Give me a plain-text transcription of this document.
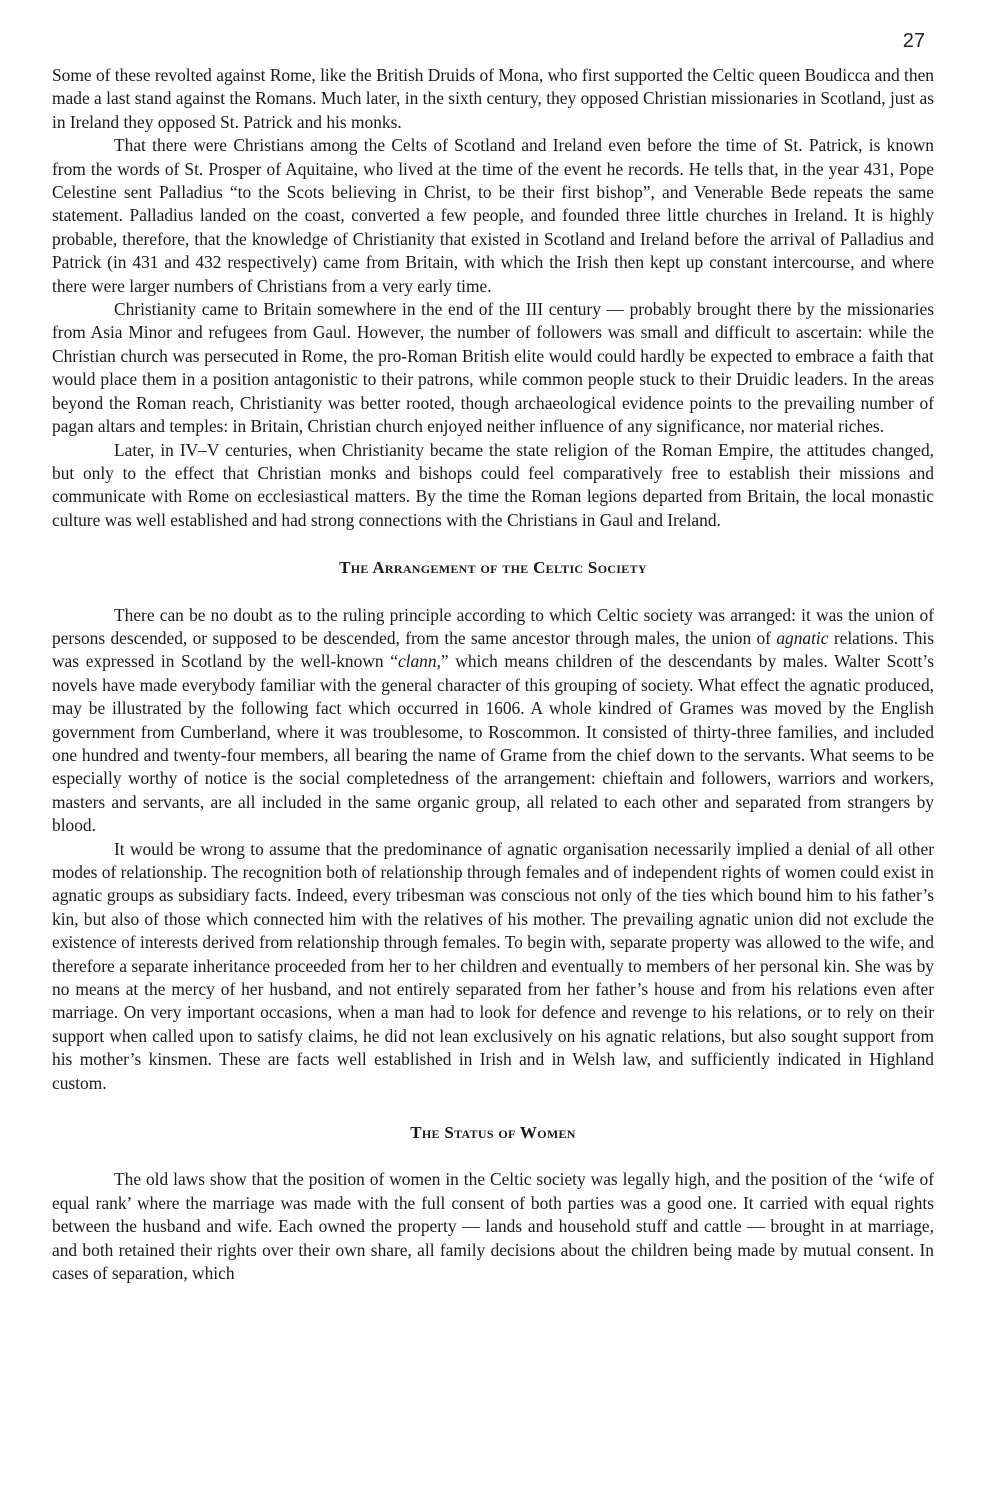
27

Some of these revolted against Rome, like the British Druids of Mona, who first supported the Celtic queen Boudicca and then made a last stand against the Romans. Much later, in the sixth century, they opposed Christian missionaries in Scotland, just as in Ireland they opposed St. Patrick and his monks.

That there were Christians among the Celts of Scotland and Ireland even before the time of St. Patrick, is known from the words of St. Prosper of Aquitaine, who lived at the time of the event he records. He tells that, in the year 431, Pope Celestine sent Palladius “to the Scots believing in Christ, to be their first bishop”, and Venerable Bede repeats the same statement. Palladius landed on the coast, converted a few people, and founded three little churches in Ireland. It is highly probable, therefore, that the knowledge of Christianity that existed in Scotland and Ireland before the arrival of Palladius and Patrick (in 431 and 432 respectively) came from Britain, with which the Irish then kept up constant intercourse, and where there were larger numbers of Christians from a very early time.

Christianity came to Britain somewhere in the end of the III century — probably brought there by the missionaries from Asia Minor and refugees from Gaul. However, the number of followers was small and difficult to ascertain: while the Christian church was persecuted in Rome, the pro-Roman British elite would could hardly be expected to embrace a faith that would place them in a position antagonistic to their patrons, while common people stuck to their Druidic leaders. In the areas beyond the Roman reach, Christianity was better rooted, though archaeological evidence points to the prevailing number of pagan altars and temples: in Britain, Christian church enjoyed neither influence of any significance, nor material riches.

Later, in IV–V centuries, when Christianity became the state religion of the Roman Empire, the attitudes changed, but only to the effect that Christian monks and bishops could feel comparatively free to establish their missions and communicate with Rome on ecclesiastical matters. By the time the Roman legions departed from Britain, the local monastic culture was well established and had strong connections with the Christians in Gaul and Ireland.

The Arrangement of the Celtic Society

There can be no doubt as to the ruling principle according to which Celtic society was arranged: it was the union of persons descended, or supposed to be descended, from the same ancestor through males, the union of agnatic relations. This was expressed in Scotland by the well-known “clann,” which means children of the descendants by males. Walter Scott’s novels have made everybody familiar with the general character of this grouping of society. What effect the agnatic produced, may be illustrated by the following fact which occurred in 1606. A whole kindred of Grames was moved by the English government from Cumberland, where it was troublesome, to Roscommon. It consisted of thirty-three families, and included one hundred and twenty-four members, all bearing the name of Grame from the chief down to the servants. What seems to be especially worthy of notice is the social completedness of the arrangement: chieftain and followers, warriors and workers, masters and servants, are all included in the same organic group, all related to each other and separated from strangers by blood.

It would be wrong to assume that the predominance of agnatic organisation necessarily implied a denial of all other modes of relationship. The recognition both of relationship through females and of independent rights of women could exist in agnatic groups as subsidiary facts. Indeed, every tribesman was conscious not only of the ties which bound him to his father’s kin, but also of those which connected him with the relatives of his mother. The prevailing agnatic union did not exclude the existence of interests derived from relationship through females. To begin with, separate property was allowed to the wife, and therefore a separate inheritance proceeded from her to her children and eventually to members of her personal kin. She was by no means at the mercy of her husband, and not entirely separated from her father’s house and from his relations even after marriage. On very important occasions, when a man had to look for defence and revenge to his relations, or to rely on their support when called upon to satisfy claims, he did not lean exclusively on his agnatic relations, but also sought support from his mother’s kinsmen. These are facts well established in Irish and in Welsh law, and sufficiently indicated in Highland custom.

The Status of Women

The old laws show that the position of women in the Celtic society was legally high, and the position of the ‘wife of equal rank’ where the marriage was made with the full consent of both parties was a good one. It carried with equal rights between the husband and wife. Each owned the property — lands and household stuff and cattle — brought in at marriage, and both retained their rights over their own share, all family decisions about the children being made by mutual consent. In cases of separation, which
